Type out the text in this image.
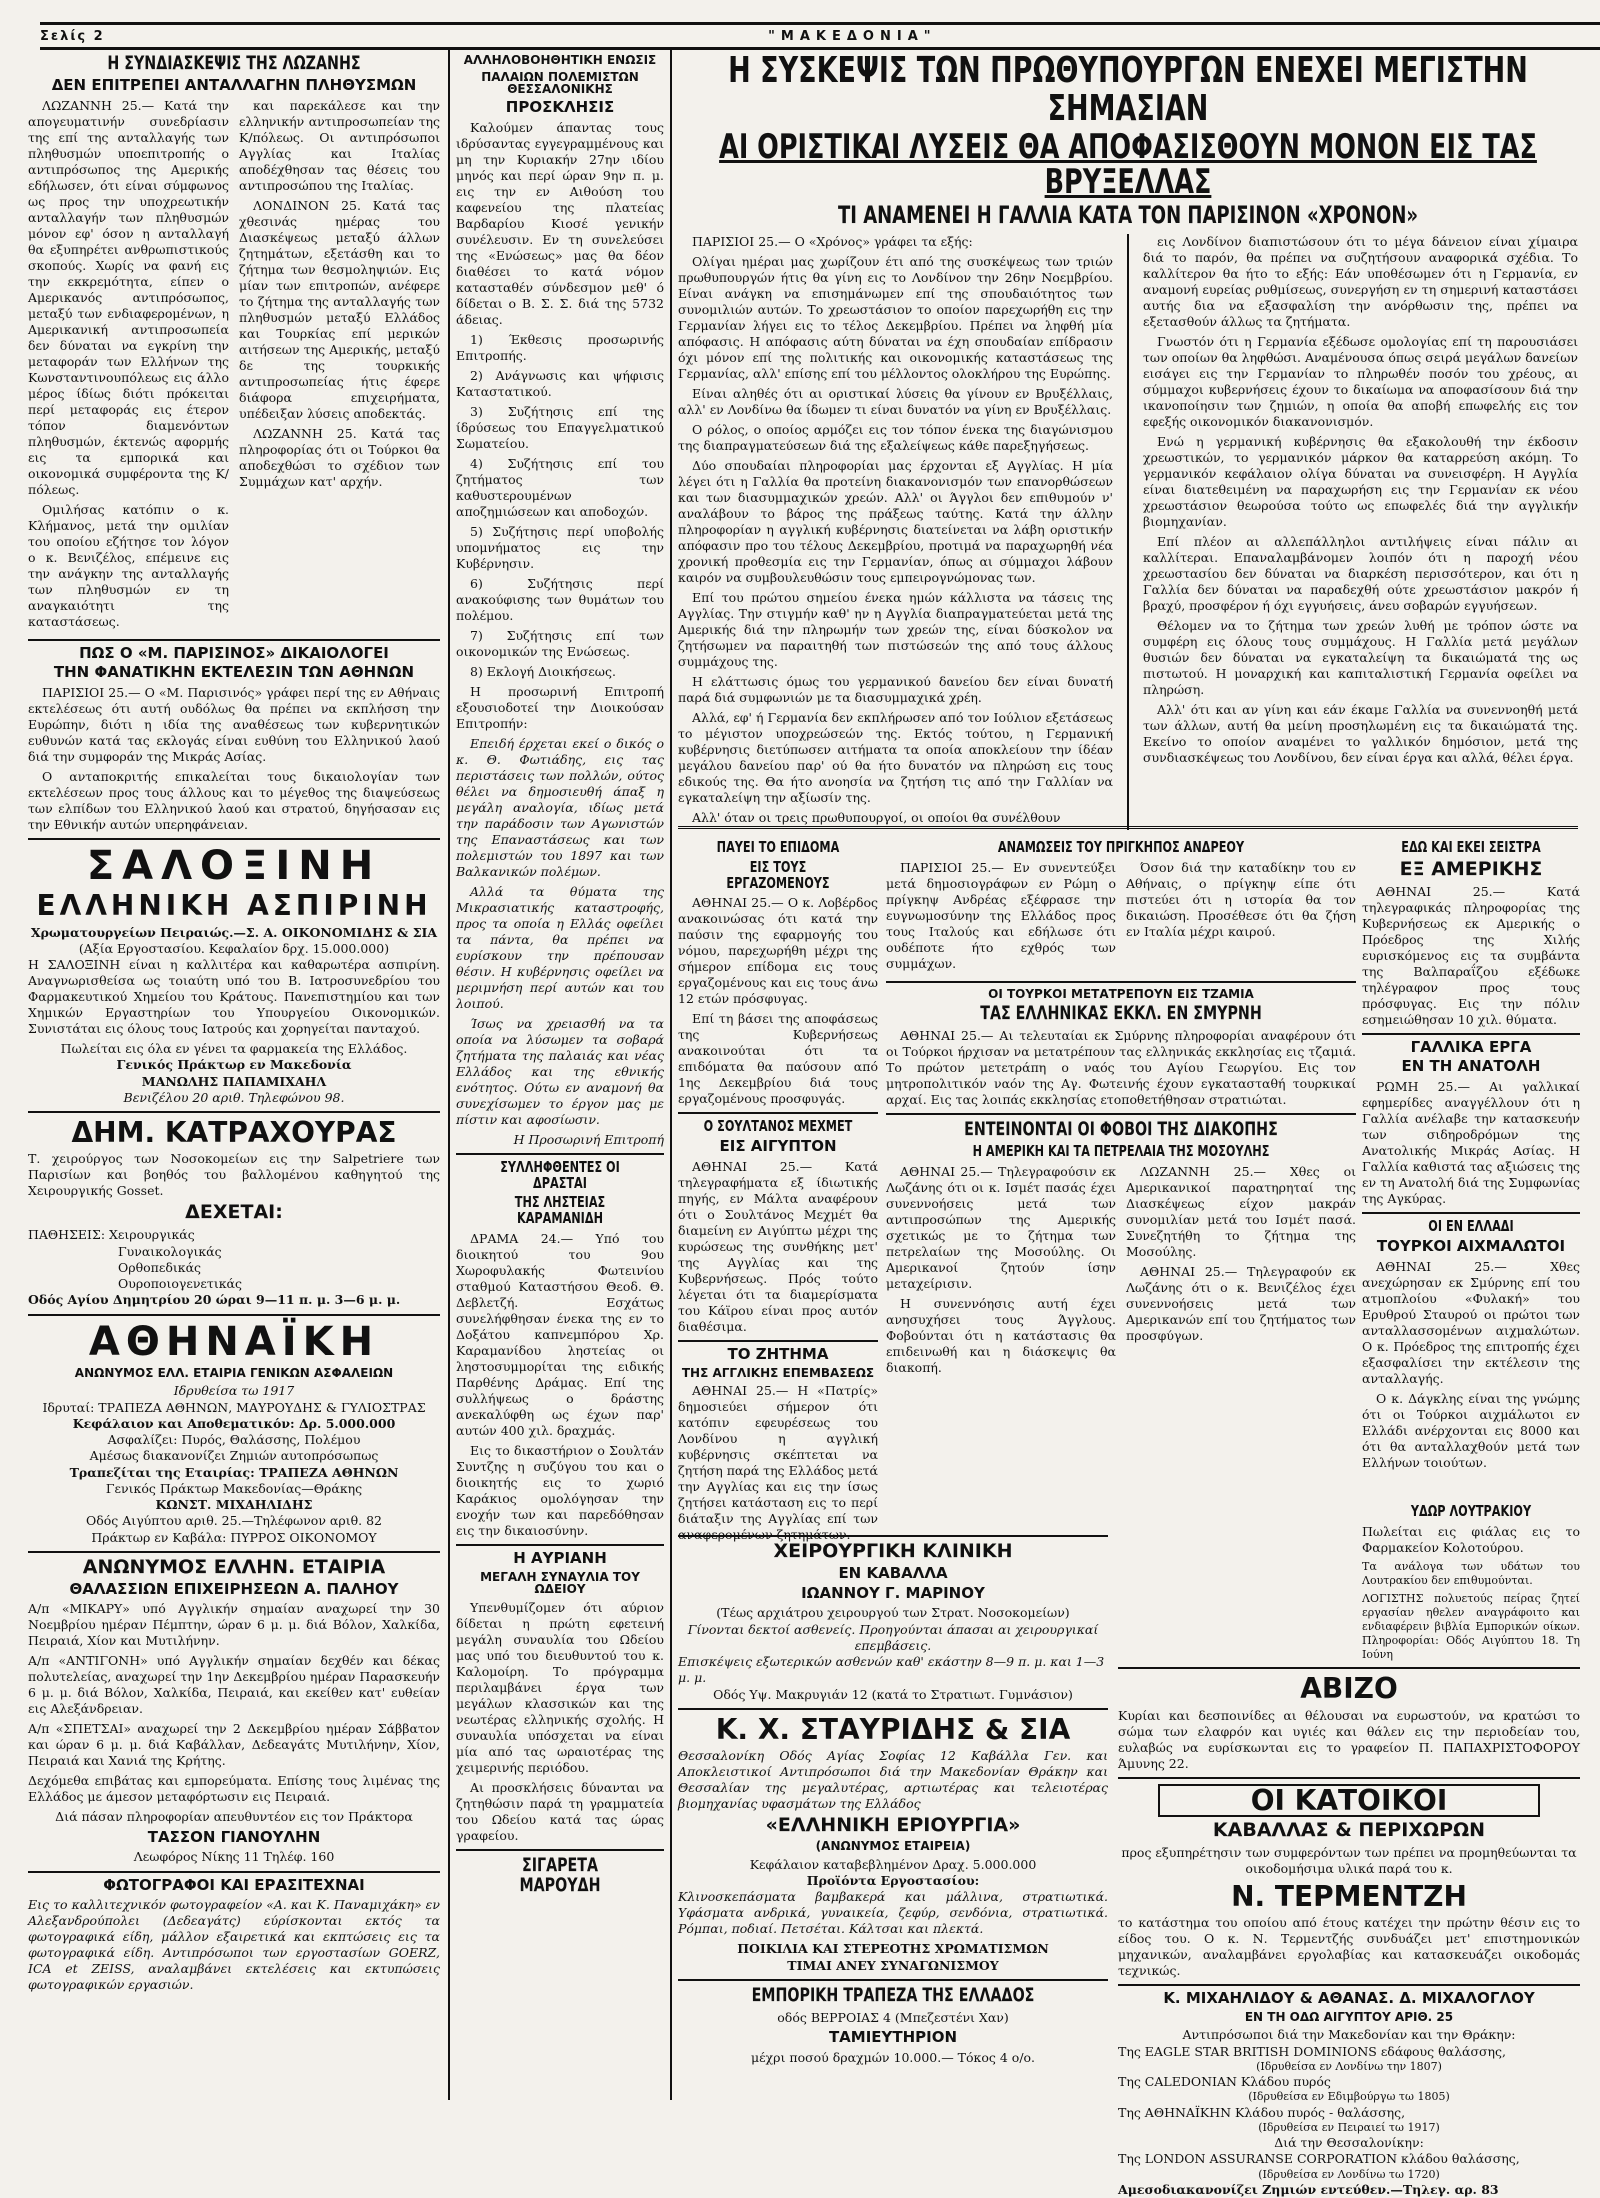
Σελίς 2	"ΜΑΚΕΔΟΝΙΑ"
Η ΣΥΝΔΙΑΣΚΕΨΙΣ ΤΗΣ ΛΩΖΑΝΗΣ
ΔΕΝ ΕΠΙΤΡΕΠΕΙ ΑΝΤΑΛΛΑΓΗΝ ΠΛΗΘΥΣΜΩΝ

ΛΩΖΑΝΝΗ 25.— Κατά την απογευματινήν συνεδρίασιν της επί της ανταλλαγής των πληθυσμών υποεπιτροπής ο αντιπρόσωπος της Αμερικής εδήλωσεν, ότι είναι σύμφωνος ως προς την υποχρεωτικήν ανταλλαγήν των πληθυσμών μόνον εφ' όσον η ανταλλαγή θα εξυπηρέτει ανθρωπιστικούς σκοπούς. Χωρίς να φανή εις την εκκρεμότητα, είπεν ο Αμερικανός αντιπρόσωπος, μεταξύ των ενδιαφερομένων, η Αμερικανική αντιπροσωπεία δεν δύναται να εγκρίνη την μεταφοράν των Ελλήνων της Κωνσταντινουπόλεως εις άλλο μέρος ίδίως διότι πρόκειται περί μεταφοράς εις έτερον τόπον διαμενόντων πληθυσμών, έκτενώς αφορμής εις τα εμπορικά και οικονομικά συμφέροντα της Κ/πόλεως.

Ομιλήσας κατόπιν ο κ. Κλήμανος, μετά την ομιλίαν του οποίου εζήτησε τον λόγον ο κ. Βενιζέλος, επέμεινε εις την ανάγκην της ανταλλαγής των πληθυσμών εν τη αναγκαιότητι της καταστάσεως.

και παρεκάλεσε και την ελληνικήν αντιπροσωπείαν της Κ/πόλεως. Οι αντιπρόσωποι Αγγλίας και Ιταλίας αποδέχθησαν τας θέσεις του αντιπροσώπου της Ιταλίας.

ΛΟΝΔΙΝΟΝ 25. Κατά τας χθεσινάς ημέρας του Διασκέψεως μεταξύ άλλων ζητημάτων, εξετάσθη και το ζήτημα των θεσμοληψιών. Εις μίαν των επιτροπών, ανέφερε το ζήτημα της ανταλλαγής των πληθυσμών μεταξύ Ελλάδος και Τουρκίας επί μερικών αιτήσεων της Αμερικής, μεταξύ δε της τουρκικής αντιπροσωπείας ήτις έφερε διάφορα επιχειρήματα, υπέδειξαν λύσεις αποδεκτάς.

ΛΩΖΑΝΝΗ 25. Κατά τας πληροφορίας ότι οι Τούρκοι θα αποδεχθώσι το σχέδιον των Συμμάχων κατ' αρχήν.

ΠΩΣ Ο «Μ. ΠΑΡΙΣΙΝΟΣ» ΔΙΚΑΙΟΛΟΓΕΙ
ΤΗΝ ΦΑΝΑΤΙΚΗΝ ΕΚΤΕΛΕΣΙΝ ΤΩΝ ΑΘΗΝΩΝ

ΠΑΡΙΣΙΟΙ 25.— Ο «Μ. Παρισινός» γράφει περί της εν Αθήναις εκτελέσεως ότι αυτή ουδόλως θα πρέπει να εκπλήσση την Ευρώπην, διότι η ιδία της αναθέσεως των κυβερνητικών ευθυνών κατά τας εκλογάς είναι ευθύνη του Ελληνικού λαού διά την συμφοράν της Μικράς Ασίας.

Ο ανταποκριτής επικαλείται τους δικαιολογίαν των εκτελέσεων προς τους άλλους και το μέγεθος της διαψεύσεως των ελπίδων του Ελληνικού λαού και στρατού, δηγήσασαν εις την Εθνικήν αυτών υπερηφάνειαν.

ΣΑΛΟΞΙΝΗ
ΕΛΛΗΝΙΚΗ ΑΣΠΙΡΙΝΗ
Χρωματουργείων Πειραιώς.—Σ. Α. ΟΙΚΟΝΟΜΙΔΗΣ & ΣΙΑ
(Αξία Εργοστασίου. Κεφαλαίον δρχ. 15.000.000)

Η ΣΑΛΟΞΙΝΗ είναι η καλλιτέρα και καθαρωτέρα ασπιρίνη. Αναγνωρισθείσα ως τοιαύτη υπό του Β. Ιατροσυνεδρίου του Φαρμακευτικού Χημείου του Κράτους. Πανεπιστημίου και των Χημικών Εργαστηρίων του Υπουργείου Οικονομικών. Συνιστάται εις όλους τους Ιατρούς και χορηγείται πανταχού.

Πωλείται εις όλα εν γένει τα φαρμακεία της Ελλάδος.
Γενικός Πράκτωρ εν Μακεδονία
ΜΑΝΩΛΗΣ ΠΑΠΑΜΙΧΑΗΛ
Βενιζέλου 20 αριθ. Τηλεφώνου 98.
ΔΗΜ. ΚΑΤΡΑΧΟΥΡΑΣ

Τ. χειρούργος των Νοσοκομείων εις την Salpetriere των Παρισίων και βοηθός του βαλλομένου καθηγητού της Χειρουργικής Gosset.

ΔΕΧΕΤΑΙ:
ΠΑΘΗΣΕΙΣ: Χειρουργικάς
Γυναικολογικάς
Ορθοπεδικάς
Ουροποιογενετικάς
Οδός Αγίου Δημητρίου 20 ώραι 9—11 π. μ. 3—6 μ. μ.
ΑΘΗΝΑΪΚΗ
ΑΝΩΝΥΜΟΣ ΕΛΛ. ΕΤΑΙΡΙΑ ΓΕΝΙΚΩΝ ΑΣΦΑΛΕΙΩΝ
Ιδρυθείσα τω 1917
Ιδρυταί: ΤΡΑΠΕΖΑ ΑΘΗΝΩΝ, ΜΑΥΡΟΥΔΗΣ & ΓΥΛΙΟΣΤΡΑΣ
Κεφάλαιον και Αποθεματικόν: Δρ. 5.000.000
Ασφαλίζει: Πυρός, Θαλάσσης, Πολέμου
Αμέσως διακανονίζει Ζημιών αυτοπρόσωπως
Τραπεζίται της Εταιρίας: ΤΡΑΠΕΖΑ ΑΘΗΝΩΝ
Γενικός Πράκτωρ Μακεδονίας—Θράκης
ΚΩΝΣΤ. ΜΙΧΑΗΛΙΔΗΣ
Οδός Αιγύπτου αριθ. 25.—Τηλέφωνον αριθ. 82
Πράκτωρ εν Καβάλα: ΠΥΡΡΟΣ ΟΙΚΟΝΟΜΟΥ
ΑΝΩΝΥΜΟΣ ΕΛΛΗΝ. ΕΤΑΙΡΙΑ
ΘΑΛΑΣΣΙΩΝ ΕΠΙΧΕΙΡΗΣΕΩΝ Α. ΠΑΛΗΟΥ

Α/π «ΜΙΚΑΡΥ» υπό Αγγλικήν σημαίαν αναχωρεί την 30 Νοεμβρίου ημέραν Πέμπτην, ώραν 6 μ. μ. διά Βόλον, Χαλκίδα, Πειραιά, Χίον και Μυτιλήνην.

Α/π «ΑΝΤΙΓΟΝΗ» υπό Αγγλικήν σημαίαν δεχθέν και δέκας πολυτελείας, αναχωρεί την 1ην Δεκεμβρίου ημέραν Παρασκευήν 6 μ. μ. διά Βόλον, Χαλκίδα, Πειραιά, και εκείθεν κατ' ευθείαν εις Αλεξάνδρειαν.

Α/π «ΣΠΕΤΣΑΙ» αναχωρεί την 2 Δεκεμβρίου ημέραν Σάββατον και ώραν 6 μ. μ. διά Καβάλλαν, Δεδεαγάτς Μυτιλήνην, Χίον, Πειραιά και Χανιά της Κρήτης.

Δεχόμεθα επιβάτας και εμπορεύματα. Επίσης τους λιμένας της Ελλάδος με άμεσον μεταφόρτωσιν εις Πειραιά.

Διά πάσαν πληροφορίαν απευθυντέον εις τον Πράκτορα
ΤΑΣΣΟΝ ΓΙΑΝΟΥΛΗΝ
Λεωφόρος Νίκης 11 Τηλέφ. 160
ΦΩΤΟΓΡΑΦΟΙ ΚΑΙ ΕΡΑΣΙΤΕΧΝΑΙ

Εις το καλλιτεχνικόν φωτογραφείον «Α. και Κ. Παναμιχάκη» εν Αλεξανδρούπολει (Δεδεαγάτς) εύρίσκονται εκτός τα φωτογραφικά είδη, μάλλον εξαιρετικά και εκπτώσεις εις τα φωτογραφικά είδη. Αντιπρόσωποι των εργοστασίων GOERZ, ICA et ZEISS, αναλαμβάνει εκτελέσεις και εκτυπώσεις φωτογραφικών εργασιών.

ΑΛΛΗΛΟΒΟΗΘΗΤΙΚΗ ΕΝΩΣΙΣ
ΠΑΛΑΙΩΝ ΠΟΛΕΜΙΣΤΩΝ ΘΕΣΣΑΛΟΝΙΚΗΣ
ΠΡΟΣΚΛΗΣΙΣ

Καλούμεν άπαντας τους ιδρύσαντας εγγεγραμμένους και μη την Κυριακήν 27ην ιδίου μηνός και περί ώραν 9ην π. μ. εις την εν Αιθούση του καφενείου της πλατείας Βαρδαρίου Κιοσέ γενικήν συνέλευσιν. Εν τη συνελεύσει της «Ενώσεως» μας θα δέον διαθέσει το κατά νόμον κατασταθέν σύνδεσμον μεθ' ό δίδεται ο Β. Σ. Σ. διά της 5732 άδειας.

1) Έκθεσις προσωρινής Επιτροπής.

2) Ανάγνωσις και ψήφισις Καταστατικού.

3) Συζήτησις επί της ίδρύσεως του Επαγγελματικού Σωματείου.

4) Συζήτησις επί του ζητήματος των καθυστερουμένων αποζημιώσεων και αποδοχών.

5) Συζήτησις περί υποβολής υπομνήματος εις την Κυβέρνησιν.

6) Συζήτησις περί ανακούφισης των θυμάτων του πολέμου.

7) Συζήτησις επί των οικονομικών της Ενώσεως.

8) Εκλογή Διοικήσεως.

Η προσωρινή Επιτροπή εξουσιοδοτεί την Διοικούσαν Επιτροπήν:

Επειδή έρχεται εκεί ο δικός ο κ. Θ. Φωτιάδης, εις τας περιστάσεις των πολλών, ούτος θέλει να δημοσιευθή άπαξ η μεγάλη αναλογία, ιδίως μετά την παράδοσιν των Αγωνιστών της Επαναστάσεως και των πολεμιστών του 1897 και των Βαλκανικών πολέμων.

Αλλά τα θύματα της Μικρασιατικής καταστροφής, προς τα οποία η Ελλάς οφείλει τα πάντα, θα πρέπει να ευρίσκουν την πρέπουσαν θέσιν. Η κυβέρνησις οφείλει να μεριμνήση περί αυτών και του λοιπού.

Ίσως να χρειασθή να τα οποία να λύσωμεν τα σοβαρά ζητήματα της παλαιάς και νέας Ελλάδος και της εθνικής ενότητος. Ούτω εν αναμονή θα συνεχίσωμεν το έργον μας με πίστιν και αφοσίωσιν.

Η Προσωρινή Επιτροπή
ΣΥΛΛΗΦΘΕΝΤΕΣ ΟΙ ΔΡΑΣΤΑΙ
ΤΗΣ ΛΗΣΤΕΙΑΣ ΚΑΡΑΜΑΝΙΔΗ

ΔΡΑΜΑ 24.— Υπό του διοικητού του 9ου Χωροφυλακής Φωτεινίου σταθμού Καταστήσου Θεοδ. Θ. Δεβλετζή. Εσχάτως συνελήφθησαν ένεκα της εν το Δοξάτου καπνεμπόρου Χρ. Καραμανίδου ληστείας οι ληστοσυμμορίται της ειδικής Παρθένης Δράμας. Επί της συλλήψεως ο δράστης ανεκαλύφθη ως έχων παρ' αυτών 400 χιλ. δραχμάς.

Εις το δικαστήριον ο Σουλτάν Συντζης η συζύγου του και ο διοικητής εις το χωριό Καράκιος ομολόγησαν την ενοχήν των και παρεδόθησαν εις την δικαιοσύνην.

Η ΑΥΡΙΑΝΗ
ΜΕΓΑΛΗ ΣΥΝΑΥΛΙΑ ΤΟΥ ΩΔΕΙΟΥ

Υπενθυμίζομεν ότι αύριον δίδεται η πρώτη εφετεινή μεγάλη συναυλία του Ωδείου μας υπό του διευθυντού του κ. Καλομοίρη. Το πρόγραμμα περιλαμβάνει έργα των μεγάλων κλασσικών και της νεωτέρας ελληνικής σχολής. Η συναυλία υπόσχεται να είναι μία από τας ωραιοτέρας της χειμερινής περιόδου.

Αι προσκλήσεις δύνανται να ζητηθώσιν παρά τη γραμματεία του Ωδείου κατά τας ώρας γραφείου.

ΣΙΓΑΡΕΤΑ ΜΑΡΟΥΔΗ
Η ΣΥΣΚΕΨΙΣ ΤΩΝ ΠΡΩΘΥΠΟΥΡΓΩΝ ΕΝΕΧΕΙ ΜΕΓΙΣΤΗΝ ΣΗΜΑΣΙΑΝ
ΑΙ ΟΡΙΣΤΙΚΑΙ ΛΥΣΕΙΣ ΘΑ ΑΠΟΦΑΣΙΣΘΟΥΝ ΜΟΝΟΝ ΕΙΣ ΤΑΣ ΒΡΥΞΕΛΛΑΣ
ΤΙ ΑΝΑΜΕΝΕΙ Η ΓΑΛΛΙΑ ΚΑΤΑ ΤΟΝ ΠΑΡΙΣΙΝΟΝ «ΧΡΟΝΟΝ»

ΠΑΡΙΣΙΟΙ 25.— Ο «Χρόνος» γράφει τα εξής:

Ολίγαι ημέραι μας χωρίζουν έτι από της συσκέψεως των τριών πρωθυπουργών ήτις θα γίνη εις το Λονδίνον την 26ην Νοεμβρίου. Είναι ανάγκη να επισημάνωμεν επί της σπουδαιότητος των συνομιλιών αυτών. Το χρεωστάσιον το οποίον παρεχωρήθη εις την Γερμανίαν λήγει εις το τέλος Δεκεμβρίου. Πρέπει να ληφθή μία απόφασις. Η απόφασις αύτη δύναται να έχη σπουδαίαν επίδρασιν όχι μόνον επί της πολιτικής και οικονομικής καταστάσεως της Γερμανίας, αλλ' επίσης επί του μέλλοντος ολοκλήρου της Ευρώπης.

Είναι αληθές ότι αι οριστικαί λύσεις θα γίνουν εν Βρυξέλλαις, αλλ' εν Λονδίνω θα ίδωμεν τι είναι δυνατόν να γίνη εν Βρυξέλλαις.

Ο ρόλος, ο οποίος αρμόζει εις τον τόπον ένεκα της διαγώνισμου της διαπραγματεύσεων διά της εξαλείψεως κάθε παρεξηγήσεως.

Δύο σπουδαίαι πληροφορίαι μας έρχονται εξ Αγγλίας. Η μία λέγει ότι η Γαλλία θα προτείνη διακανονισμόν των επανορθώσεων και των διασυμμαχικών χρεών. Αλλ' οι Άγγλοι δεν επιθυμούν ν' αναλάβουν το βάρος της πράξεως ταύτης. Κατά την άλλην πληροφορίαν η αγγλική κυβέρνησις διατείνεται να λάβη οριστικήν απόφασιν προ του τέλους Δεκεμβρίου, προτιμά να παραχωρηθή νέα χρονική προθεσμία εις την Γερμανίαν, όπως αι σύμμαχοι λάβουν καιρόν να συμβουλευθώσιν τους εμπειρογνώμονας των.

Επί του πρώτου σημείου ένεκα ημών κάλλιστα να τάσεις της Αγγλίας. Την στιγμήν καθ' ην η Αγγλία διαπραγματεύεται μετά της Αμερικής διά την πληρωμήν των χρεών της, είναι δύσκολον να ζητήσωμεν να παραιτηθή των πιστώσεών της από τους άλλους συμμάχους της.

Η ελάττωσις όμως του γερμανικού δανείου δεν είναι δυνατή παρά διά συμφωνιών με τα διασυμμαχικά χρέη.

Αλλά, εφ' ή Γερμανία δεν εκπλήρωσεν από τον Ιούλιον εξετάσεως το μέγιστον υποχρεώσεών της. Εκτός τούτου, η Γερμανική κυβέρνησις διετύπωσεν αιτήματα τα οποία αποκλείουν την ίδέαν μεγάλου δανείου παρ' ού θα ήτο δυνατόν να πληρώση εις τους εδικούς της. Θα ήτο ανοησία να ζητήση τις από την Γαλλίαν να εγκαταλείψη την αξίωσίν της.

Αλλ' όταν οι τρεις πρωθυπουργοί, οι οποίοι θα συνέλθουν

εις Λονδίνον διαπιστώσουν ότι το μέγα δάνειον είναι χίμαιρα διά το παρόν, θα πρέπει να συζητήσουν αναφορικά σχέδια. Το καλλίτερον θα ήτο το εξής: Εάν υποθέσωμεν ότι η Γερμανία, εν αναμονή ευρείας ρυθμίσεως, συνεργήση εν τη σημερινή καταστάσει αυτής δια να εξασφαλίση την ανόρθωσιν της, πρέπει να εξετασθούν άλλως τα ζητήματα.

Γνωστόν ότι η Γερμανία εξέδωσε ομολογίας επί τη παρουσιάσει των οποίων θα ληφθώσι. Αναμένουσα όπως σειρά μεγάλων δανείων εισάγει εις την Γερμανίαν το πληρωθέν ποσόν του χρέους, αι σύμμαχοι κυβερνήσεις έχουν το δικαίωμα να αποφασίσουν διά την ικανοποίησιν των ζημιών, η οποία θα αποβή επωφελής εις τον εφεξής οικονομικόν διακανονισμόν.

Ενώ η γερμανική κυβέρνησις θα εξακολουθή την έκδοσιν χρεωστικών, το γερμανικόν μάρκον θα καταρρεύση ακόμη. Το γερμανικόν κεφάλαιον ολίγα δύναται να συνεισφέρη. Η Αγγλία είναι διατεθειμένη να παραχωρήση εις την Γερμανίαν εκ νέου χρεωστάσιον θεωρούσα τούτο ως επωφελές διά την αγγλικήν βιομηχανίαν.

Επί πλέον αι αλλεπάλληλοι αντιλήψεις είναι πάλιν αι καλλίτεραι. Επαναλαμβάνομεν λοιπόν ότι η παροχή νέου χρεωστασίου δεν δύναται να διαρκέση περισσότερον, και ότι η Γαλλία δεν δύναται να παραδεχθή ούτε χρεωστάσιον μακρόν ή βραχύ, προσφέρον ή όχι εγγυήσεις, άνευ σοβαρών εγγυήσεων.

Θέλομεν να το ζήτημα των χρεών λυθή με τρόπον ώστε να συμφέρη εις όλους τους συμμάχους. Η Γαλλία μετά μεγάλων θυσιών δεν δύναται να εγκαταλείψη τα δικαιώματά της ως πιστωτού. Η μοναρχική και καπιταλιστική Γερμανία οφείλει να πληρώση.

Αλλ' ότι και αν γίνη και εάν έκαμε Γαλλία να συνεννοηθή μετά των άλλων, αυτή θα μείνη προσηλωμένη εις τα δικαιώματά της. Εκείνο το οποίον αναμένει το γαλλικόν δημόσιον, μετά της συνδιασκέψεως του Λονδίνου, δεν είναι έργα και αλλά, θέλει έργα.

ΠΑΥΕΙ ΤΟ ΕΠΙΔΟΜΑ
ΕΙΣ ΤΟΥΣ ΕΡΓΑΖΟΜΕΝΟΥΣ

ΑΘΗΝΑΙ 25.— Ο κ. Λοβέρδος ανακοινώσας ότι κατά την παύσιν της εφαρμογής του νόμου, παρεχωρήθη μέχρι της σήμερον επίδομα εις τους εργαζομένους και εις τους άνω 12 ετών πρόσφυγας.

Επί τη βάσει της αποφάσεως της Κυβερνήσεως ανακοινούται ότι τα επιδόματα θα παύσουν από 1ης Δεκεμβρίου διά τους εργαζομένους προσφυγάς.

Ο ΣΟΥΛΤΑΝΟΣ ΜΕΧΜΕΤ
ΕΙΣ ΑΙΓΥΠΤΟΝ

ΑΘΗΝΑΙ 25.— Κατά τηλεγραφήματα εξ ίδιωτικής πηγής, εν Μάλτα αναφέρουν ότι ο Σουλτάνος Μεχμέτ θα διαμείνη εν Αιγύπτω μέχρι της κυρώσεως της συνθήκης μετ' της Αγγλίας και της Κυβερνήσεως. Πρός τούτο λέγεται ότι τα διαμερίσματα του Κάϊρου είναι προς αυτόν διαθέσιμα.

ΤΟ ΖΗΤΗΜΑ
ΤΗΣ ΑΓΓΛΙΚΗΣ ΕΠΕΜΒΑΣΕΩΣ

ΑΘΗΝΑΙ 25.— Η «Πατρίς» δημοσιεύει σήμερον ότι κατόπιν εφευρέσεως του Λονδίνου η αγγλική κυβέρνησις σκέπτεται να ζητήση παρά της Ελλάδος μετά την Αγγλίας και εις την ίσως ζητήσει κατάσταση εις το περί διάταξιν της Αγγλίας επί των αναφερομένων ζητημάτων.

ΑΝΑΜΩΣΕΙΣ ΤΟΥ ΠΡΙΓΚΗΠΟΣ ΑΝΔΡΕΟΥ

ΠΑΡΙΣΙΟΙ 25.— Εν συνεντεύξει μετά δημοσιογράφων εν Ρώμη ο πρίγκηψ Ανδρέας εξέφρασε την ευγνωμοσύνην της Ελλάδος προς τους Ιταλούς και εδήλωσε ότι ουδέποτε ήτο εχθρός των συμμάχων.

Όσον διά την καταδίκην του εν Αθήναις, ο πρίγκηψ είπε ότι πιστεύει ότι η ιστορία θα τον δικαιώση. Προσέθεσε ότι θα ζήση εν Ιταλία μέχρι καιρού.

ΟΙ ΤΟΥΡΚΟΙ ΜΕΤΑΤΡΕΠΟΥΝ ΕΙΣ ΤΖΑΜΙΑ
ΤΑΣ ΕΛΛΗΝΙΚΑΣ ΕΚΚΛ. ΕΝ ΣΜΥΡΝΗ

ΑΘΗΝΑΙ 25.— Αι τελευταίαι εκ Σμύρνης πληροφορίαι αναφέρουν ότι οι Τούρκοι ήρχισαν να μετατρέπουν τας ελληνικάς εκκλησίας εις τζαμιά. Το πρώτον μετετράπη ο ναός του Αγίου Γεωργίου. Εις τον μητροπολιτικόν ναόν της Αγ. Φωτεινής έχουν εγκατασταθή τουρκικαί αρχαί. Εις τας λοιπάς εκκλησίας ετοποθετήθησαν στρατιώται.

ΕΝΤΕΙΝΟΝΤΑΙ ΟΙ ΦΟΒΟΙ ΤΗΣ ΔΙΑΚΟΠΗΣ
Η ΑΜΕΡΙΚΗ ΚΑΙ ΤΑ ΠΕΤΡΕΛΑΙΑ ΤΗΣ ΜΟΣΟΥΛΗΣ

ΑΘΗΝΑΙ 25.— Τηλεγραφούσιν εκ Λωζάνης ότι οι κ. Ισμέτ πασάς έχει συνεννοήσεις μετά των αντιπροσώπων της Αμερικής σχετικώς με το ζήτημα των πετρελαίων της Μοσούλης. Οι Αμερικανοί ζητούν ίσην μεταχείρισιν.

Η συνεννόησις αυτή έχει ανησυχήσει τους Άγγλους. Φοβούνται ότι η κατάστασις θα επιδεινωθή και η διάσκεψις θα διακοπή.

ΛΩΖΑΝΝΗ 25.— Χθες οι Αμερικανικοί παρατηρηταί της Διασκέψεως είχον μακράν συνομιλίαν μετά του Ισμέτ πασά. Συνεζητήθη το ζήτημα της Μοσούλης.

ΑΘΗΝΑΙ 25.— Τηλεγραφούν εκ Λωζάνης ότι ο κ. Βενιζέλος έχει συνεννοήσεις μετά των Αμερικανών επί του ζητήματος των προσφύγων.

ΧΕΙΡΟΥΡΓΙΚΗ ΚΛΙΝΙΚΗ
ΕΝ ΚΑΒΑΛΛΑ
ΙΩΑΝΝΟΥ Γ. ΜΑΡΙΝΟΥ
(Τέως αρχιάτρου χειρουργού των Στρατ. Νοσοκομείων)
Γίνονται δεκτοί ασθενείς. Προηγούνται άπασαι αι χειρουργικαί επεμβάσεις.
Επισκέψεις εξωτερικών ασθενών καθ' εκάστην 8—9 π. μ. και 1—3 μ. μ.
Οδός Υψ. Μακρυγιάν 12 (κατά το Στρατιωτ. Γυμνάσιον)
Κ. Χ. ΣΤΑΥΡΙΔΗΣ & ΣΙΑ

Θεσσαλονίκη Οδός Αγίας Σοφίας 12 Καβάλλα Γεν. και Αποκλειστικοί Αντιπρόσωποι διά την Μακεδονίαν Θράκην και Θεσσαλίαν της μεγαλυτέρας, αρτιωτέρας και τελειοτέρας βιομηχανίας υφασμάτων της Ελλάδος

«ΕΛΛΗΝΙΚΗ ΕΡΙΟΥΡΓΙΑ»
(ΑΝΩΝΥΜΟΣ ΕΤΑΙΡΕΙΑ)
Κεφάλαιον καταβεβλημένον Δραχ. 5.000.000
Προϊόντα Εργοστασίου:

Κλινοσκεπάσματα βαμβακερά και μάλλινα, στρατιωτικά. Υφάσματα ανδρικά, γυναικεία, ζεφύρ, σενδόνια, στρατιωτικά. Ρόμπαι, ποδιαί. Πετσέται. Κάλτσαι και πλεκτά.

ΠΟΙΚΙΛΙΑ ΚΑΙ ΣΤΕΡΕΟΤΗΣ ΧΡΩΜΑΤΙΣΜΩΝ
ΤΙΜΑΙ ΑΝΕΥ ΣΥΝΑΓΩΝΙΣΜΟΥ
ΕΜΠΟΡΙΚΗ ΤΡΑΠΕΖΑ ΤΗΣ ΕΛΛΑΔΟΣ
οδός ΒΕΡΡΟΙΑΣ 4 (Μπεζεστένι Χαν)
ΤΑΜΙΕΥΤΗΡΙΟΝ
μέχρι ποσού δραχμών 10.000.— Τόκος 4 ο/ο.
ΕΔΩ ΚΑΙ ΕΚΕΙ ΣΕΙΣΤΡΑ
ΕΞ ΑΜΕΡΙΚΗΣ

ΑΘΗΝΑΙ 25.— Κατά τηλεγραφικάς πληροφορίας της Κυβερνήσεως εκ Αμερικής ο Πρόεδρος της Χιλής ευρισκόμενος εις τα συμβάντα της Βαλπαραΐζου εξέδωκε τηλέγραφον προς τους πρόσφυγας. Εις την πόλιν εσημειώθησαν 10 χιλ. θύματα.

ΓΑΛΛΙΚΑ ΕΡΓΑ
ΕΝ ΤΗ ΑΝΑΤΟΛΗ

ΡΩΜΗ 25.— Αι γαλλικαί εφημερίδες αναγγέλλουν ότι η Γαλλία ανέλαβε την κατασκευήν των σιδηροδρόμων της Ανατολικής Μικράς Ασίας. Η Γαλλία καθιστά τας αξιώσεις της εν τη Ανατολή διά της Συμφωνίας της Αγκύρας.

ΟΙ ΕΝ ΕΛΛΑΔΙ
ΤΟΥΡΚΟΙ ΑΙΧΜΑΛΩΤΟΙ

ΑΘΗΝΑΙ 25.— Χθες ανεχώρησαν εκ Σμύρνης επί του ατμοπλοίου «Φυλακή» του Ερυθρού Σταυρού οι πρώτοι των ανταλλασσομένων αιχμαλώτων. Ο κ. Πρόεδρος της επιτροπής έχει εξασφαλίσει την εκτέλεσιν της ανταλλαγής.

Ο κ. Δάγκλης είναι της γνώμης ότι οι Τούρκοι αιχμάλωτοι εν Ελλάδι ανέρχονται εις 8000 και ότι θα ανταλλαχθούν μετά των Ελλήνων τοιούτων.

ΥΔΩΡ ΛΟΥΤΡΑΚΙΟΥ

Πωλείται εις φιάλας εις το Φαρμακείον Κολοτούρου.

Τα ανάλογα των υδάτων του Λουτρακίου δεν επιθυμούνται.

ΛΟΓΙΣΤΗΣ πολυετούς πείρας ζητεί εργασίαν ηθελεν αναγράφοιτο και ενδιαφέρειν βιβλία Εμπορικών οίκων. Πληροφορίαι: Οδός Αιγύπτου 18. Τη Ιούνη

ΑΒΙΖΟ

Κυρίαι και δεσποινίδες αι θέλουσαι να ευρωστούν, να κρατώσι το σώμα των ελαφρόν και υγιές και θάλεν εις την περιοδείαν του, ευλαβώς να ευρίσκωνται εις το γραφείον Π. ΠΑΠΑΧΡΙΣΤΟΦΟΡΟΥ Άμυνης 22.

ΟΙ ΚΑΤΟΙΚΟΙ
ΚΑΒΑΛΛΑΣ & ΠΕΡΙΧΩΡΩΝ
προς εξυπηρέτησιν των συμφερόντων των πρέπει να προμηθεύωνται τα οικοδομήσιμα υλικά παρά του κ.
Ν. ΤΕΡΜΕΝΤΖΗ

το κατάστημα του οποίου από έτους κατέχει την πρώτην θέσιν εις το είδος του. Ο κ. Ν. Τερμεντζής συνδυάζει μετ' επιστημονικών μηχανικών, αναλαμβάνει εργολαβίας και κατασκευάζει οικοδομάς τεχνικώς.

Κ. ΜΙΧΑΗΛΙΔΟΥ & ΑΘΑΝΑΣ. Δ. ΜΙΧΑΛΟΓΛΟΥ
ΕΝ ΤΗ ΟΔΩ ΑΙΓΥΠΤΟΥ ΑΡΙΘ. 25
Αντιπρόσωποι διά την Μακεδονίαν και την Θράκην:
Της EAGLE STAR BRITISH DOMINIONS εδάφους θαλάσσης,
(Ιδρυθείσα εν Λονδίνω την 1807)
Της CALEDONIAN Κλάδου πυρός
(Ιδρυθείσα εν Εδιμβούργω τω 1805)
Της ΑΘΗΝΑΪΚΗΝ Κλάδου πυρός - θαλάσσης,
(Ιδρυθείσα εν Πειραιεί τω 1917)
Διά την Θεσσαλονίκην:
Της LONDON ASSURANSE CORPORATION κλάδου θαλάσσης,
(Ιδρυθείσα εν Λονδίνω τω 1720)
Αμεσοδιακανονίζει Ζημιών εντεύθεν.—Τηλεγ. αρ. 83
